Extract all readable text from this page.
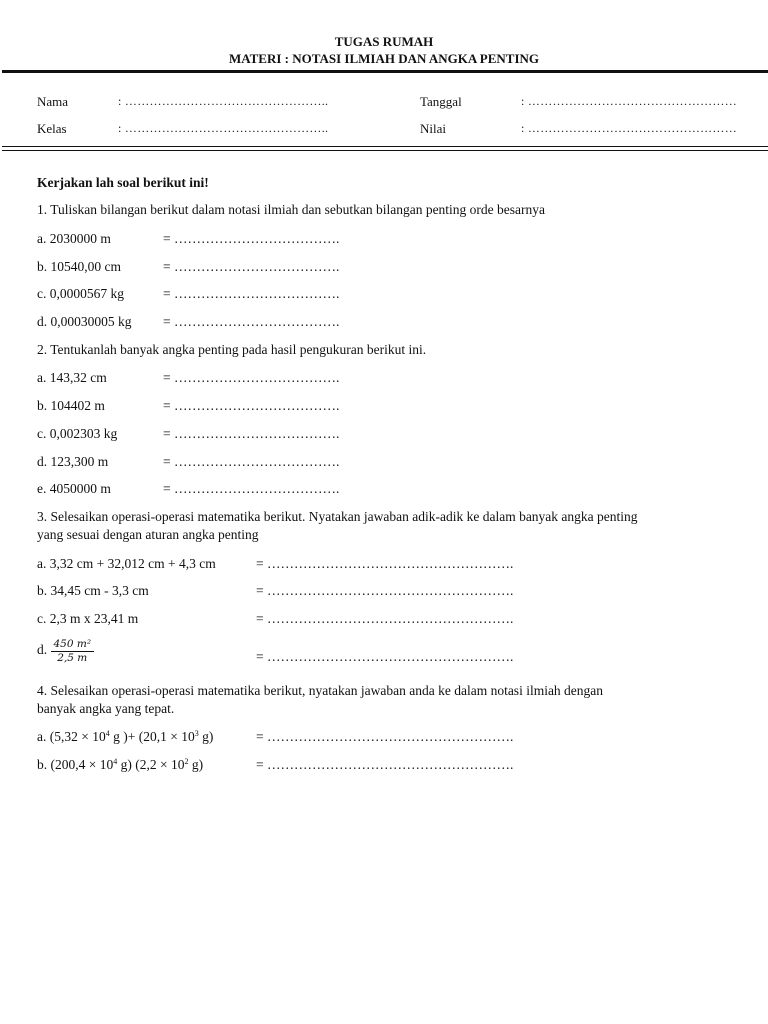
TUGAS RUMAH
MATERI : NOTASI ILMIAH DAN ANGKA PENTING
Nama	: …………………………………………..	Tanggal	: ……………………………………………
Kelas	: …………………………………………..	Nilai	: ……………………………………………
Kerjakan lah soal berikut ini!
1. Tuliskan bilangan berikut dalam notasi ilmiah dan sebutkan bilangan penting orde besarnya
a. 2030000 m	= ……………………………….
b. 10540,00 cm	= ……………………………….
c. 0,0000567 kg	= ……………………………….
d. 0,00030005 kg = ……………………………….
2. Tentukanlah banyak angka penting pada hasil pengukuran berikut ini.
a. 143,32 cm	= ……………………………….
b. 104402 m	= ……………………………….
c. 0,002303 kg	= ……………………………….
d. 123,300 m	= ……………………………….
e. 4050000 m	= ……………………………….
3. Selesaikan operasi-operasi matematika berikut. Nyatakan jawaban adik-adik ke dalam banyak angka penting
yang sesuai dengan aturan angka penting
a. 3,32 cm + 32,012 cm + 4,3 cm	= ……………………………………………….
b. 34,45 cm - 3,3 cm	= ……………………………………………….
c. 2,3 m x 23,41 m	= ……………………………………………….
d. $\frac{\text{450 m²}}{2,5 m}$	= ……………………………………………….
4. Selesaikan operasi-operasi matematika berikut, nyatakan jawaban anda ke dalam notasi ilmiah dengan
banyak angka yang tepat.
a. ($5,32 \times 10^4$ g )+ ($20,1 \times 10^3$ g)	= ……………………………………………….
b. ($200,4 \times 10^4$ g) ($2,2 \times 10^2$ g)	= ……………………………………………….
